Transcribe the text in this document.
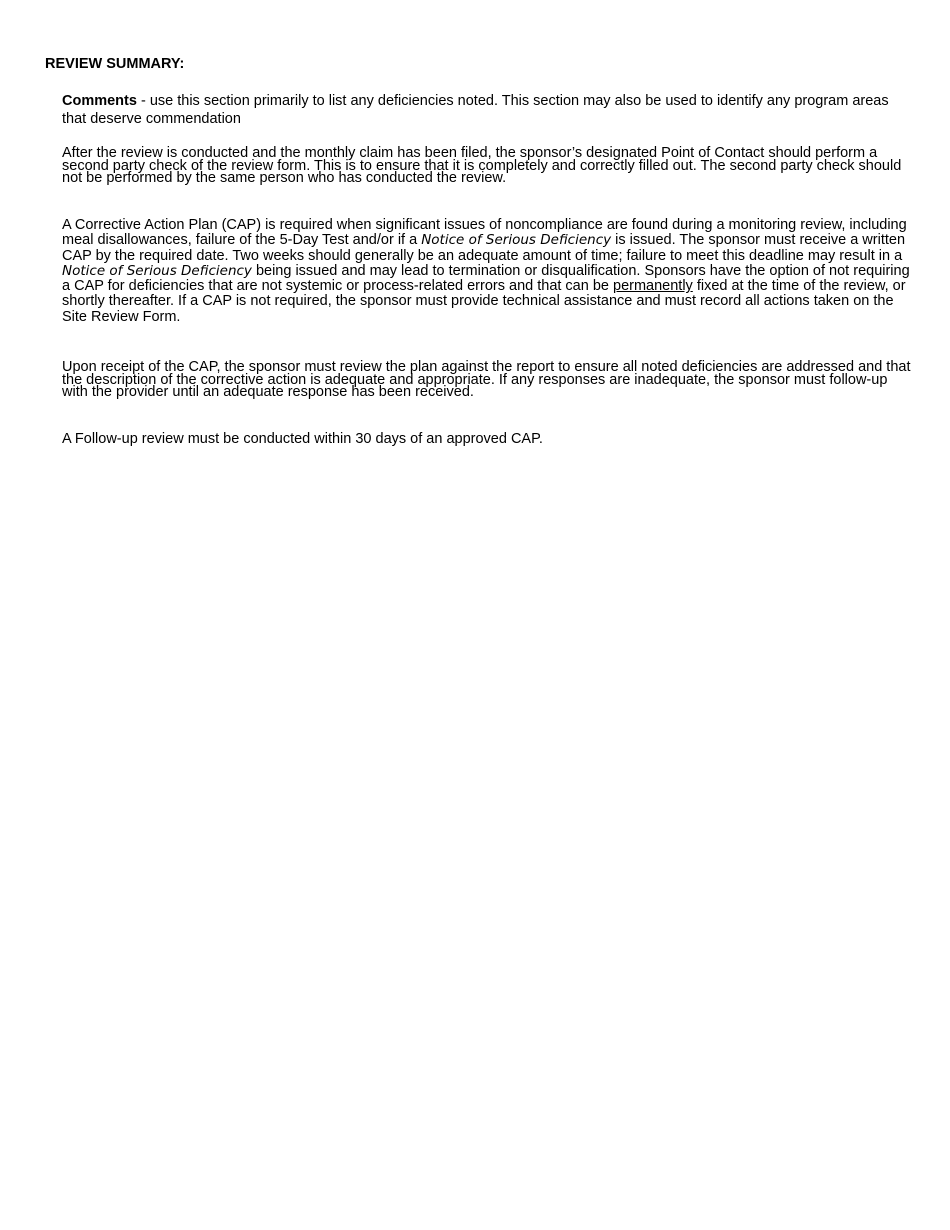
REVIEW SUMMARY:

Comments - use this section primarily to list any deficiencies noted. This section may also be used to identify any program areas that deserve commendation

After the review is conducted and the monthly claim has been filed, the sponsor’s designated Point of Contact should perform a second party check of the review form. This is to ensure that it is completely and correctly filled out. The second party check should not be performed by the same person who has conducted the review.

A Corrective Action Plan (CAP) is required when significant issues of noncompliance are found during a monitoring review, including meal disallowances, failure of the 5-Day Test and/or if a Notice of Serious Deficiency is issued. The sponsor must receive a written CAP by the required date. Two weeks should generally be an adequate amount of time; failure to meet this deadline may result in a Notice of Serious Deficiency being issued and may lead to termination or disqualification. Sponsors have the option of not requiring a CAP for deficiencies that are not systemic or process-related errors and that can be permanently fixed at the time of the review, or shortly thereafter. If a CAP is not required, the sponsor must provide technical assistance and must record all actions taken on the Site Review Form.

Upon receipt of the CAP, the sponsor must review the plan against the report to ensure all noted deficiencies are addressed and that the description of the corrective action is adequate and appropriate. If any responses are inadequate, the sponsor must follow-up with the provider until an adequate response has been received.

A Follow-up review must be conducted within 30 days of an approved CAP.
